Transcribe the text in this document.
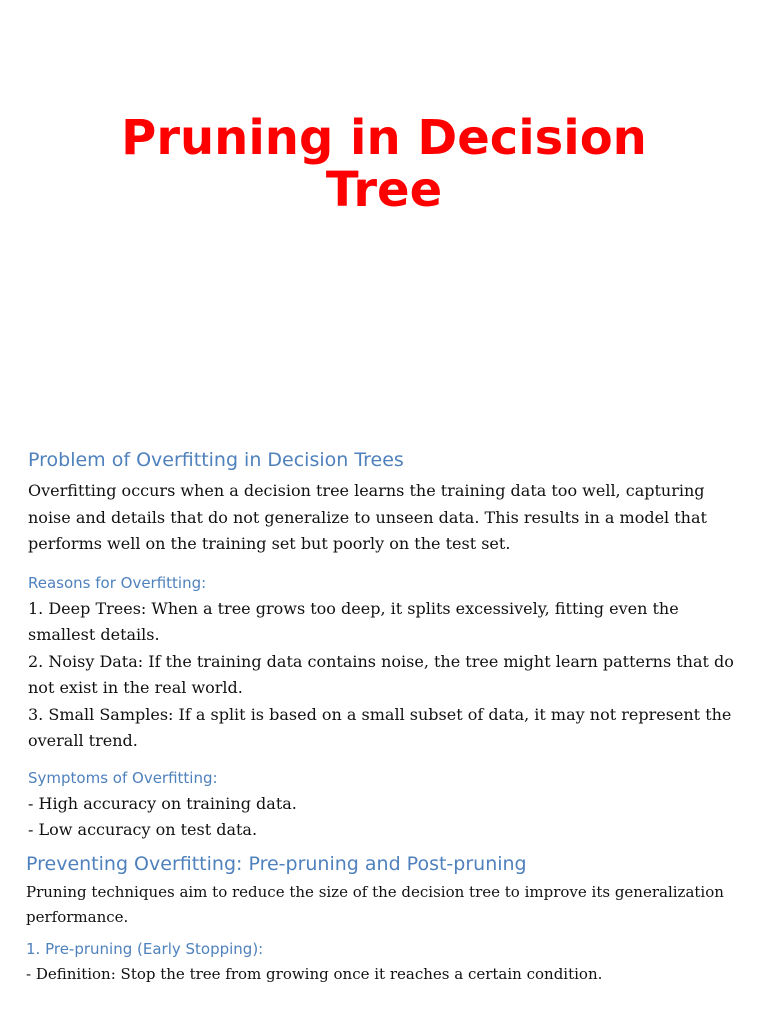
Pruning in Decision
Tree
Problem of Overfitting in Decision Trees

Overfitting occurs when a decision tree learns the training data too well, capturing noise and details that do not generalize to unseen data. This results in a model that performs well on the training set but poorly on the test set.

Reasons for Overfitting:

1. Deep Trees: When a tree grows too deep, it splits excessively, fitting even the smallest details.

2. Noisy Data: If the training data contains noise, the tree might learn patterns that do not exist in the real world.

3. Small Samples: If a split is based on a small subset of data, it may not represent the overall trend.

Symptoms of Overfitting:

- High accuracy on training data.

- Low accuracy on test data.

Preventing Overfitting: Pre-pruning and Post-pruning

Pruning techniques aim to reduce the size of the decision tree to improve its generalization performance.

1. Pre-pruning (Early Stopping):

- Definition: Stop the tree from growing once it reaches a certain condition.
